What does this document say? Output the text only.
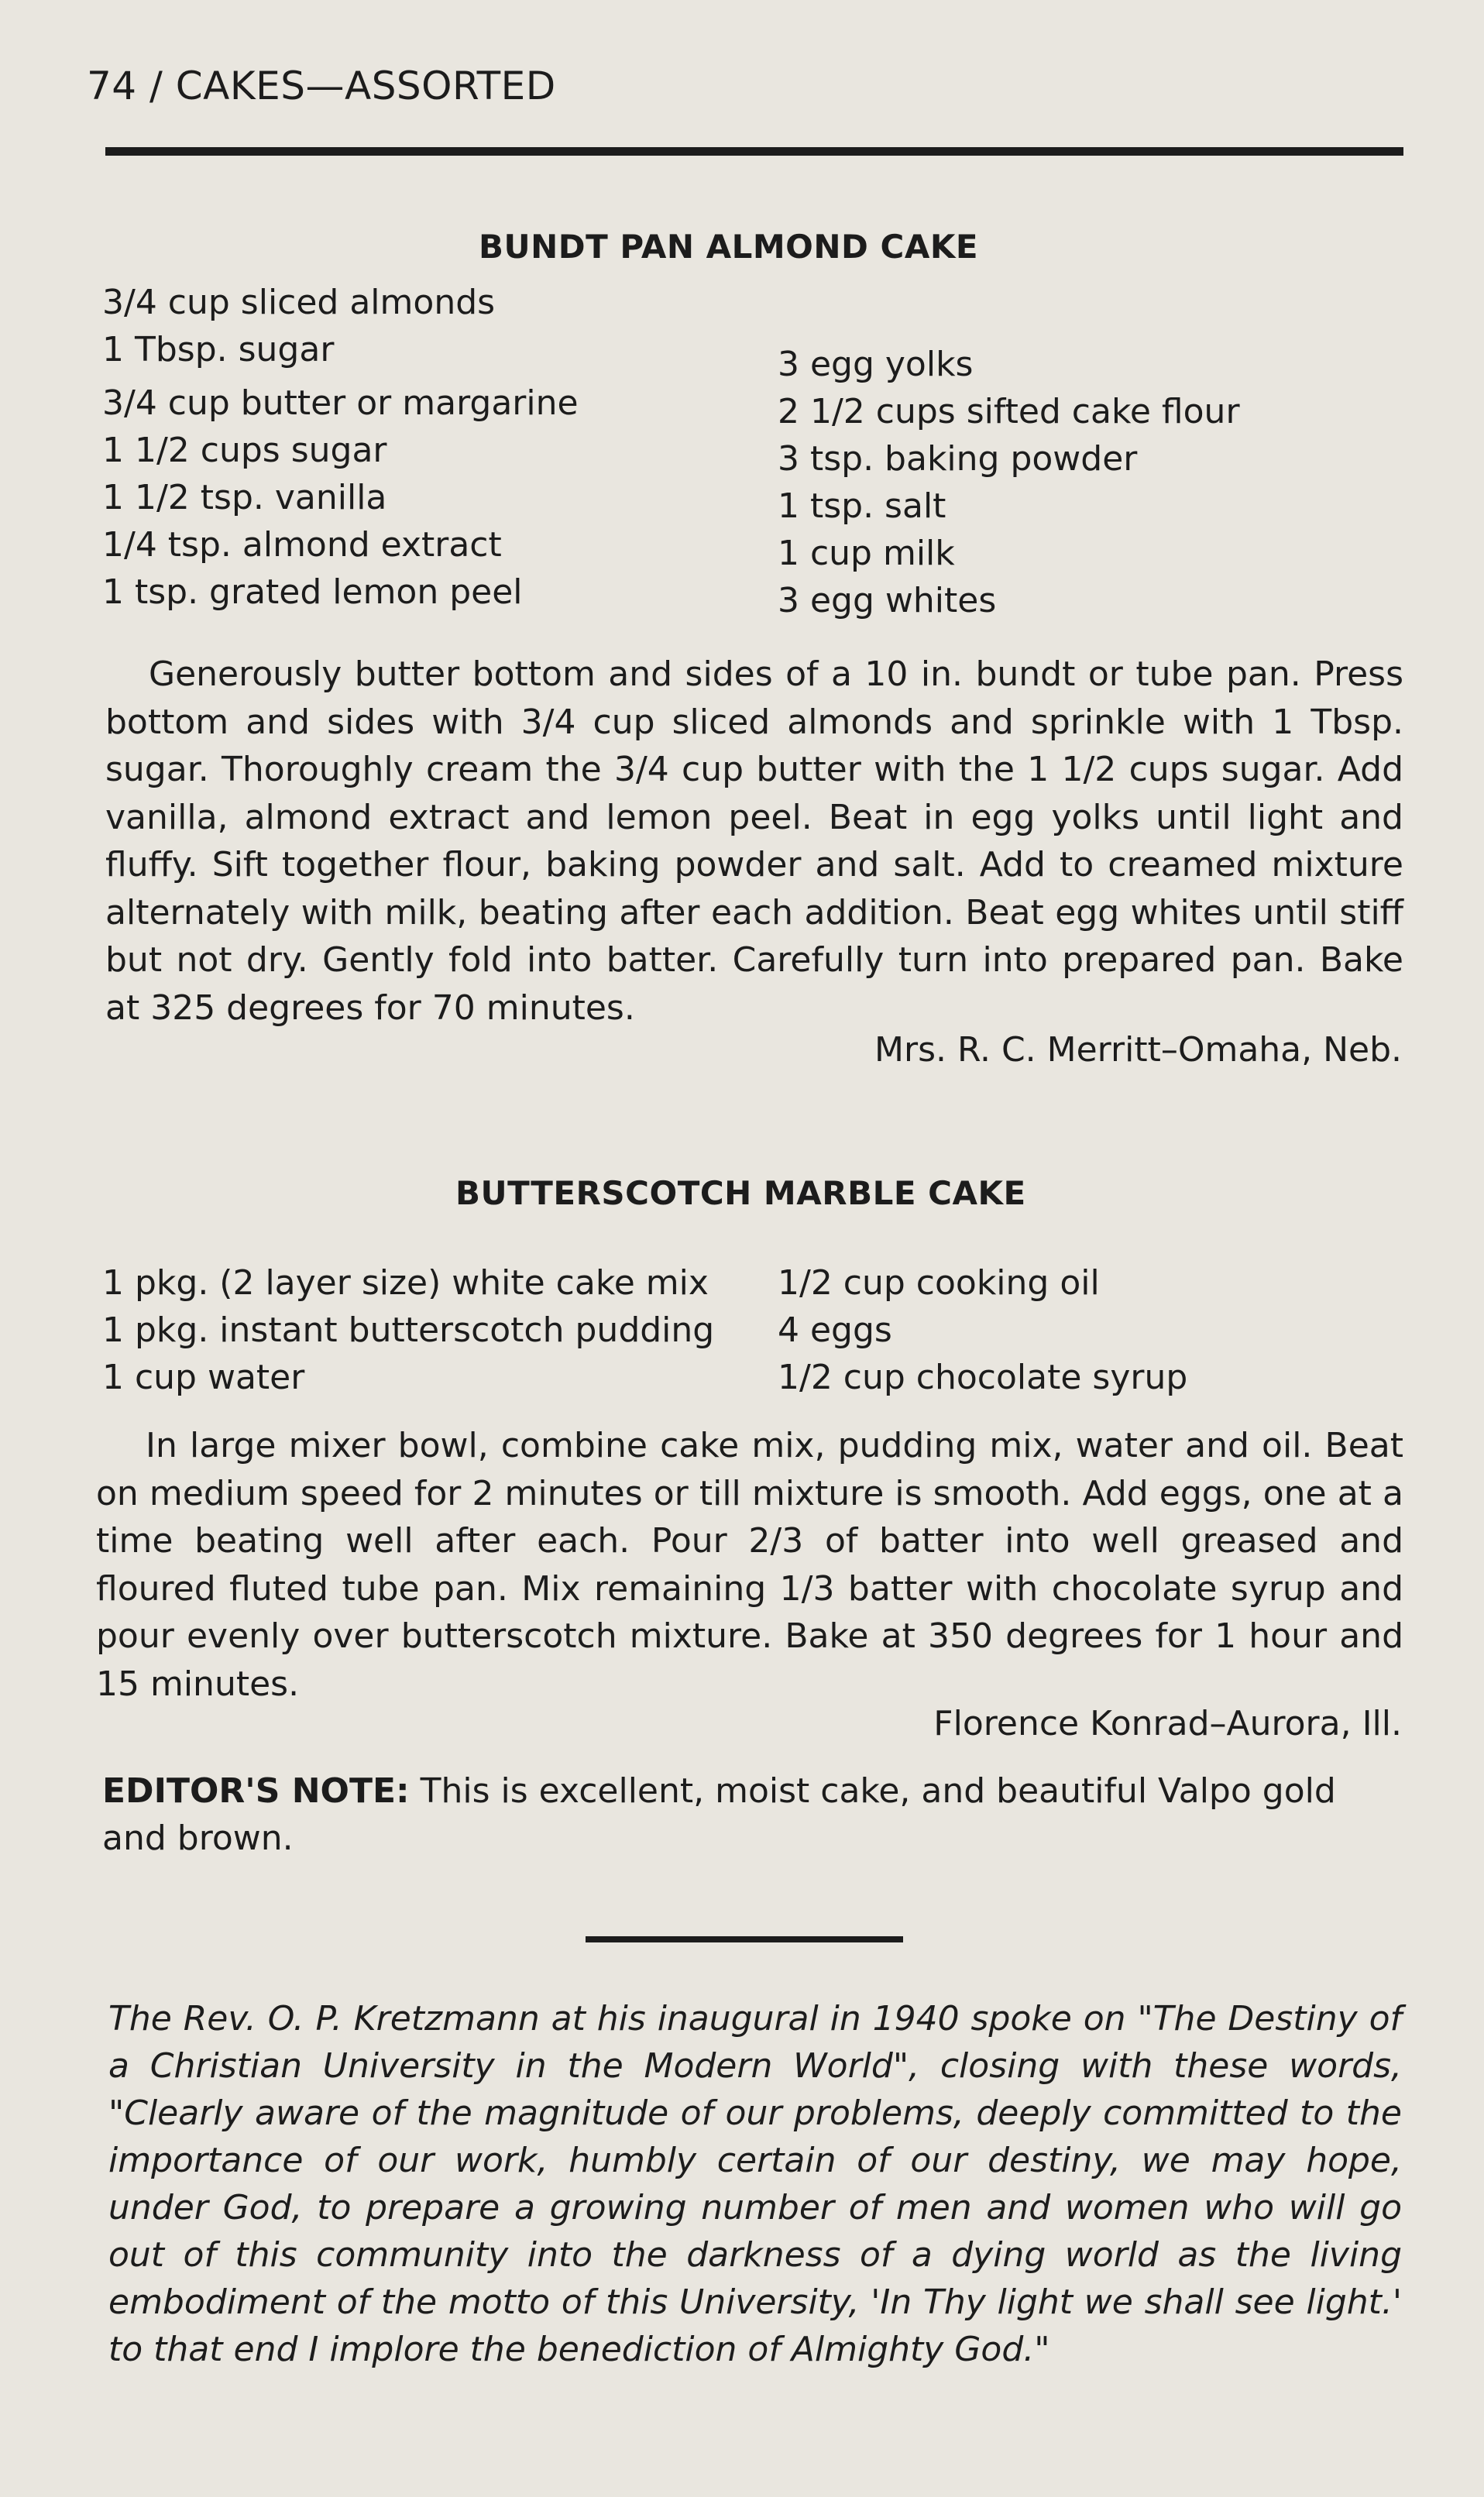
74 / CAKES—ASSORTED
BUNDT PAN ALMOND CAKE
3/4 cup sliced almonds
1 Tbsp. sugar
3/4 cup butter or margarine
1 1/2 cups sugar
1 1/2 tsp. vanilla
1/4 tsp. almond extract
1 tsp. grated lemon peel
3 egg yolks
2 1/2 cups sifted cake flour
3 tsp. baking powder
1 tsp. salt
1 cup milk
3 egg whites
Generously butter bottom and sides of a 10 in. bundt or tube pan. Press bottom and sides with 3/4 cup sliced almonds and sprinkle with 1 Tbsp. sugar. Thoroughly cream the 3/4 cup butter with the 1 1/2 cups sugar. Add vanilla, almond extract and lemon peel. Beat in egg yolks until light and fluffy. Sift together flour, baking powder and salt. Add to creamed mixture alternately with milk, beating after each addition. Beat egg whites until stiff but not dry. Gently fold into batter. Carefully turn into prepared pan. Bake at 325 degrees for 70 minutes.
Mrs. R. C. Merritt–Omaha, Neb.
BUTTERSCOTCH MARBLE CAKE
1 pkg. (2 layer size) white cake mix
1 pkg. instant butterscotch pudding
1 cup water
1/2 cup cooking oil
4 eggs
1/2 cup chocolate syrup
In large mixer bowl, combine cake mix, pudding mix, water and oil. Beat on medium speed for 2 minutes or till mixture is smooth. Add eggs, one at a time beating well after each. Pour 2/3 of batter into well greased and floured fluted tube pan. Mix remaining 1/3 batter with chocolate syrup and pour evenly over butterscotch mixture. Bake at 350 degrees for 1 hour and 15 minutes.
Florence Konrad–Aurora, Ill.
EDITOR'S NOTE: This is excellent, moist cake, and beautiful Valpo gold and brown.
The Rev. O. P. Kretzmann at his inaugural in 1940 spoke on "The Destiny of a Christian University in the Modern World", closing with these words, "Clearly aware of the magnitude of our problems, deeply committed to the importance of our work, humbly certain of our destiny, we may hope, under God, to prepare a growing number of men and women who will go out of this community into the darkness of a dying world as the living embodiment of the motto of this University, 'In Thy light we shall see light.' to that end I implore the benediction of Almighty God."
